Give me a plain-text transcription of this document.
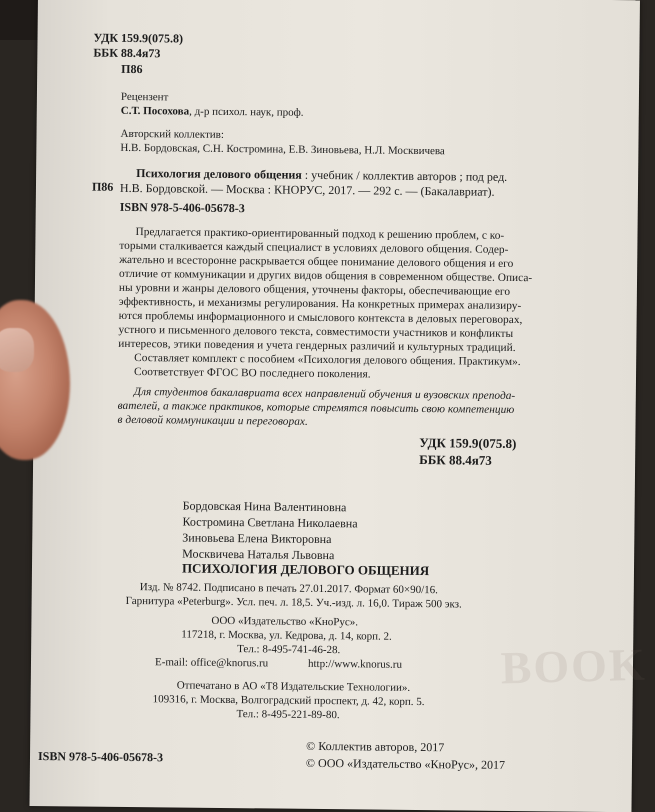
BOOK
УДК 159.9(075.8)
ББК 88.4я73
П86
Рецензент
С.Т. Посохова, д-р психол. наук, проф.
Авторский коллектив:
Н.В. Бордовская, С.Н. Костромина, Е.В. Зиновьева, Н.Л. Москвичева
П86
Психология делового общения : учебник / коллектив авторов ; под ред.
Н.В. Бордовской. — Москва : КНОРУС, 2017. — 292 с. — (Бакалавриат).
ISBN 978-5-406-05678-3
Предлагается практико-ориентированный подход к решению проблем, с ко-
торыми сталкивается каждый специалист в условиях делового общения. Содер-
жательно и всесторонне раскрывается общее понимание делового общения и его
отличие от коммуникации и других видов общения в современном обществе. Описа-
ны уровни и жанры делового общения, уточнены факторы, обеспечивающие его
эффективность, и механизмы регулирования. На конкретных примерах анализиру-
ются проблемы информационного и смыслового контекста в деловых переговорах,
устного и письменного делового текста, совместимости участников и конфликты
интересов, этики поведения и учета гендерных различий и культурных традиций.
Составляет комплект с пособием «Психология делового общения. Практикум».
Соответствует ФГОС ВО последнего поколения.
Для студентов бакалавриата всех направлений обучения и вузовских препода-
вателей, а также практиков, которые стремятся повысить свою компетенцию
в деловой коммуникации и переговорах.
УДК 159.9(075.8)
ББК 88.4я73
Бордовская Нина Валентиновна
Костромина Светлана Николаевна
Зиновьева Елена Викторовна
Москвичева Наталья Львовна
ПСИХОЛОГИЯ ДЕЛОВОГО ОБЩЕНИЯ
Изд. № 8742. Подписано в печать 27.01.2017. Формат 60×90/16.
Гарнитура «Peterburg». Усл. печ. л. 18,5. Уч.-изд. л. 16,0. Тираж 500 экз.
ООО «Издательство «КноРус».
117218, г. Москва, ул. Кедрова, д. 14, корп. 2.
Тел.: 8-495-741-46-28.
E-mail: office@knorus.ru	http://www.knorus.ru
Отпечатано в АО «Т8 Издательские Технологии».
109316, г. Москва, Волгоградский проспект, д. 42, корп. 5.
Тел.: 8-495-221-89-80.
ISBN 978-5-406-05678-3
© Коллектив авторов, 2017
© ООО «Издательство «КноРус», 2017
